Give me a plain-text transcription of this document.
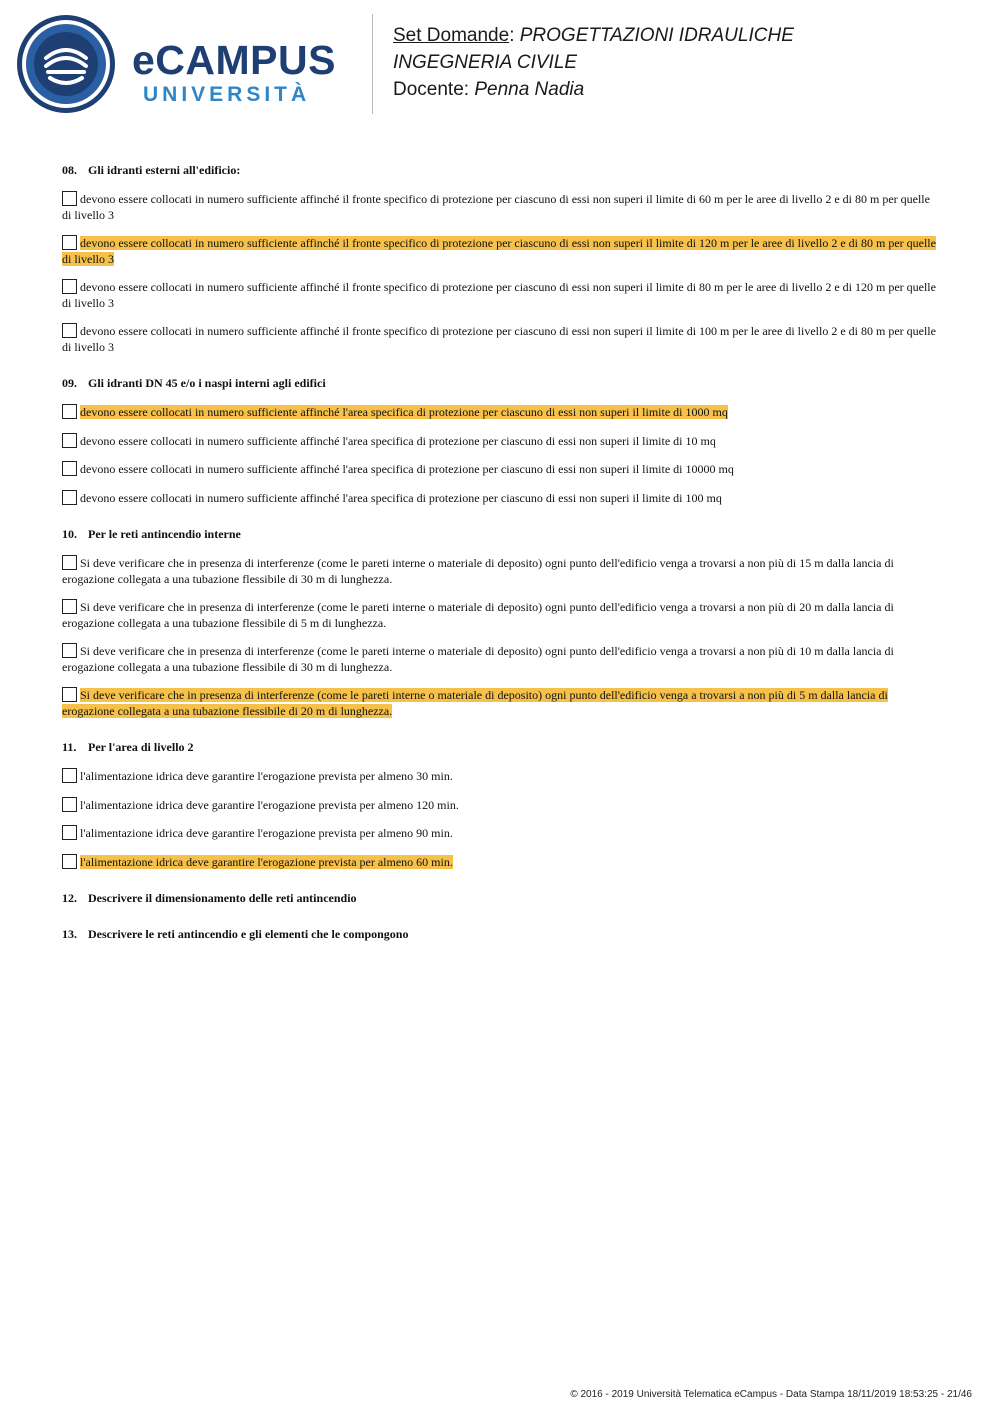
eCAMPUS
UNIVERSITÀ
Set Domande: PROGETTAZIONI IDRAULICHE
INGEGNERIA CIVILE
Docente: Penna Nadia
08. Gli idranti esterni all'edificio:
devono essere collocati in numero sufficiente affinché il fronte specifico di protezione per ciascuno di essi non superi il limite di 60 m per le aree di livello 2 e di 80 m per quelle di livello 3
devono essere collocati in numero sufficiente affinché il fronte specifico di protezione per ciascuno di essi non superi il limite di 120 m per le aree di livello 2 e di 80 m per quelle di livello 3
devono essere collocati in numero sufficiente affinché il fronte specifico di protezione per ciascuno di essi non superi il limite di 80 m per le aree di livello 2 e di 120 m per quelle di livello 3
devono essere collocati in numero sufficiente affinché il fronte specifico di protezione per ciascuno di essi non superi il limite di 100 m per le aree di livello 2 e di 80 m per quelle di livello 3
09. Gli idranti DN 45 e/o i naspi interni agli edifici
devono essere collocati in numero sufficiente affinché l'area specifica di protezione per ciascuno di essi non superi il limite di 1000 mq
devono essere collocati in numero sufficiente affinché l'area specifica di protezione per ciascuno di essi non superi il limite di 10 mq
devono essere collocati in numero sufficiente affinché l'area specifica di protezione per ciascuno di essi non superi il limite di 10000 mq
devono essere collocati in numero sufficiente affinché l'area specifica di protezione per ciascuno di essi non superi il limite di 100 mq
10. Per le reti antincendio interne
Si deve verificare che in presenza di interferenze (come le pareti interne o materiale di deposito) ogni punto dell'edificio venga a trovarsi a non più di 15 m dalla lancia di erogazione collegata a una tubazione flessibile di 30 m di lunghezza.
Si deve verificare che in presenza di interferenze (come le pareti interne o materiale di deposito) ogni punto dell'edificio venga a trovarsi a non più di 20 m dalla lancia di erogazione collegata a una tubazione flessibile di 5 m di lunghezza.
Si deve verificare che in presenza di interferenze (come le pareti interne o materiale di deposito) ogni punto dell'edificio venga a trovarsi a non più di 10 m dalla lancia di erogazione collegata a una tubazione flessibile di 30 m di lunghezza.
Si deve verificare che in presenza di interferenze (come le pareti interne o materiale di deposito) ogni punto dell'edificio venga a trovarsi a non più di 5 m dalla lancia di erogazione collegata a una tubazione flessibile di 20 m di lunghezza.
11. Per l'area di livello 2
l'alimentazione idrica deve garantire l'erogazione prevista per almeno 30 min.
l'alimentazione idrica deve garantire l'erogazione prevista per almeno 120 min.
l'alimentazione idrica deve garantire l'erogazione prevista per almeno 90 min.
l'alimentazione idrica deve garantire l'erogazione prevista per almeno 60 min.
12. Descrivere il dimensionamento delle reti antincendio
13. Descrivere le reti antincendio e gli elementi che le compongono
© 2016 - 2019 Università Telematica eCampus - Data Stampa 18/11/2019 18:53:25 - 21/46
